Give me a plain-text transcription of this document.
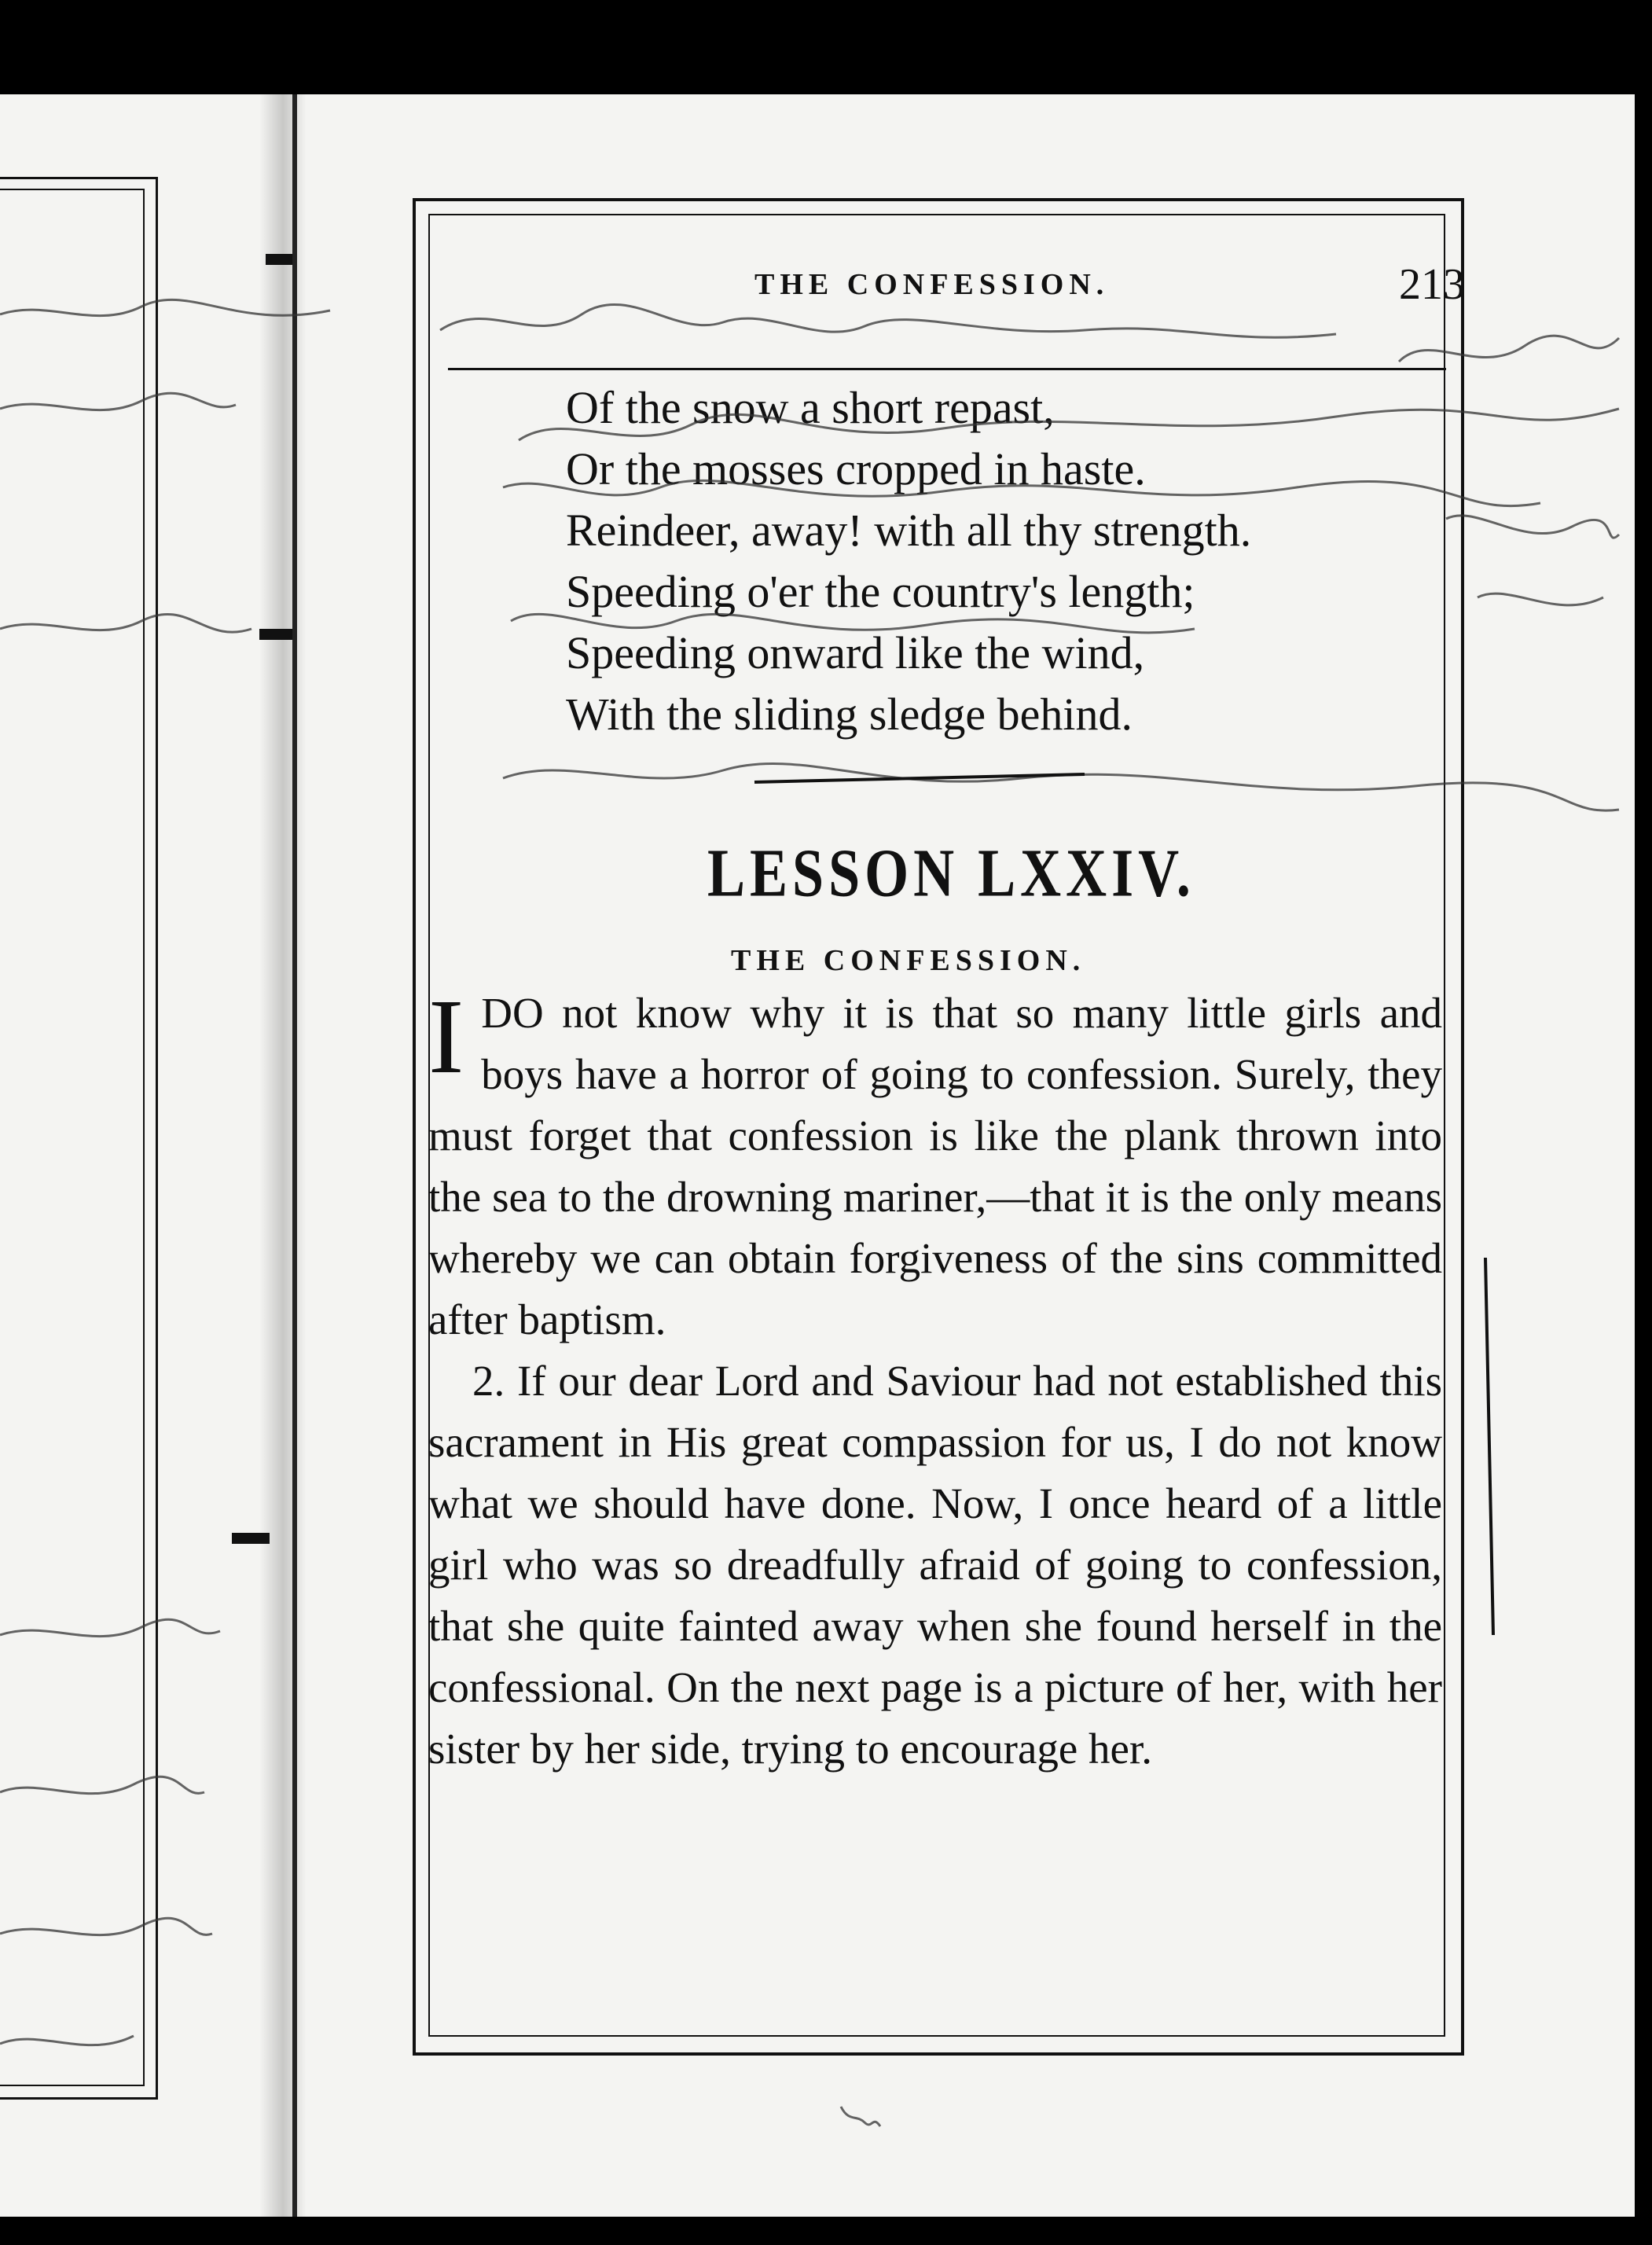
THE CONFESSION.	213
Of the snow a short repast,
Or the mosses cropped in haste.
Reindeer, away! with all thy strength.
Speeding o'er the country's length;
Speeding onward like the wind,
With the sliding sledge behind.
LESSON LXXIV.
THE CONFESSION.

IDO not know why it is that so many little girls and boys have a horror of going to confession. Surely, they must forget that confession is like the plank thrown into the sea to the drowning mariner,—that it is the only means whereby we can obtain forgiveness of the sins committed after baptism.

2. If our dear Lord and Saviour had not established this sacrament in His great compassion for us, I do not know what we should have done. Now, I once heard of a little girl who was so dreadfully afraid of going to confession, that she quite fainted away when she found herself in the confessional. On the next page is a picture of her, with her sister by her side, trying to encourage her.
